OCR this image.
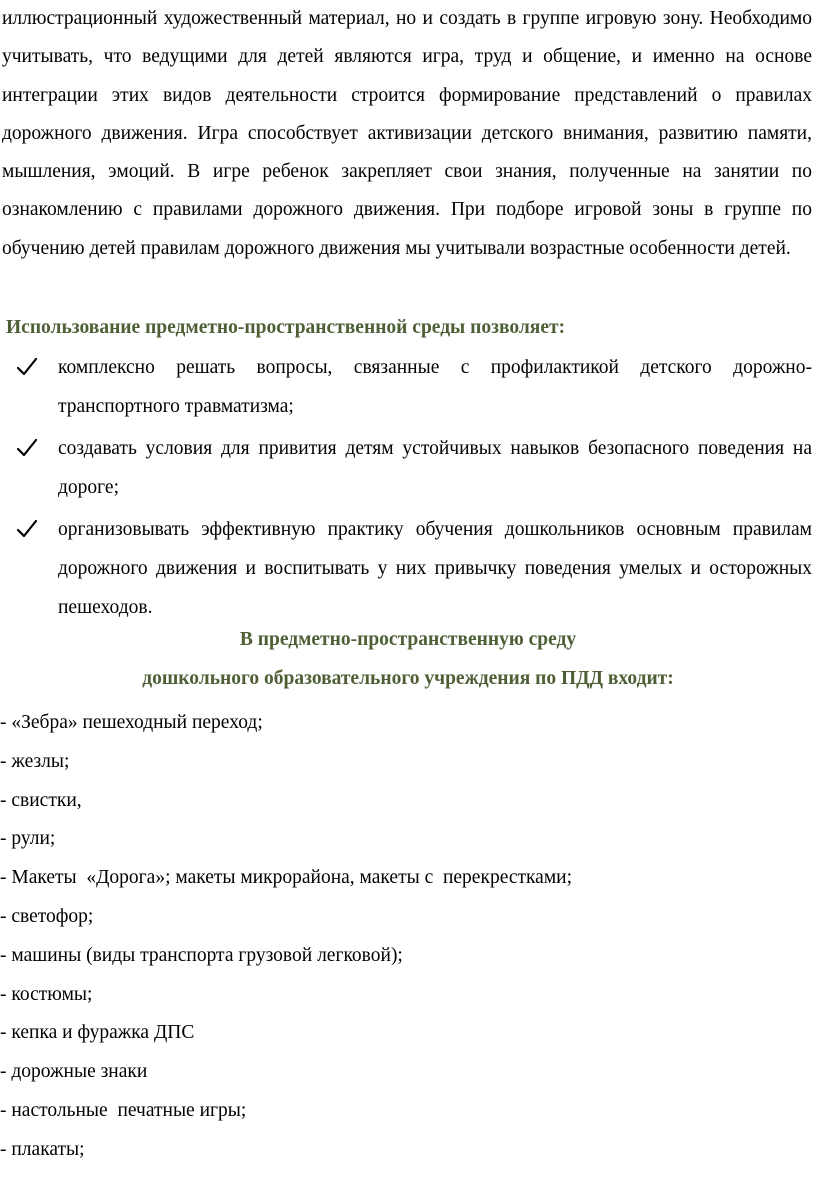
иллюстрационный художественный материал, но и создать в группе игровую зону. Необходимо учитывать, что ведущими для детей являются игра, труд и общение, и именно на основе интеграции этих видов деятельности строится формирование представлений о правилах дорожного движения. Игра способствует активизации детского внимания, развитию памяти, мышления, эмоций. В игре ребенок закрепляет свои знания, полученные на занятии по ознакомлению с правилами дорожного движения. При подборе игровой зоны в группе по обучению детей правилам дорожного движения мы учитывали возрастные особенности детей.

Использование предметно-пространственной среды позволяет:

комплексно решать вопросы, связанные с профилактикой детского дорожно-транспортного травматизма;
создавать условия для привития детям устойчивых навыков безопасного поведения на дороге;
организовывать эффективную практику обучения дошкольников основным правилам дорожного движения и воспитывать у них привычку поведения умелых и осторожных пешеходов.

В предметно-пространственную среду

дошкольного образовательного учреждения по ПДД входит:

- «Зебра» пешеходный переход;
- жезлы;
- свистки,
- рули;
- Макеты  «Дорога»; макеты микрорайона, макеты с  перекрестками;
- светофор;
- машины (виды транспорта грузовой легковой);
- костюмы;
- кепка и фуражка ДПС
- дорожные знаки
- настольные  печатные игры;
- плакаты;
